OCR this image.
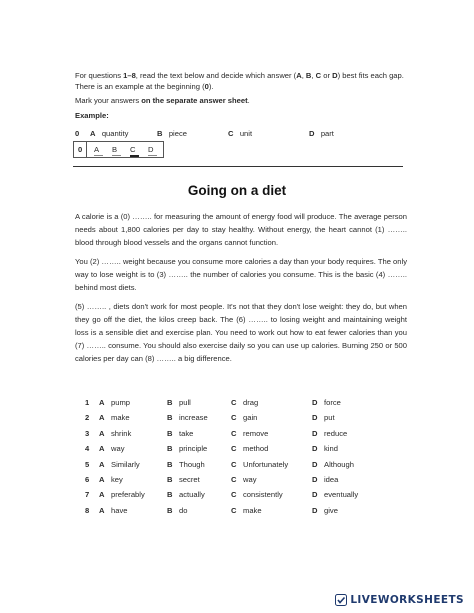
For questions 1–8, read the text below and decide which answer (A, B, C or D) best fits each gap. There is an example at the beginning (0).
Mark your answers on the separate answer sheet.
Example:
0 A quantity	B piece	C unit	D part
0 A	B	C	D
Going on a diet
A calorie is a (0) …….. for measuring the amount of energy food will produce. The average person needs about 1,800 calories per day to stay healthy. Without energy, the heart cannot (1) …….. blood through blood vessels and the organs cannot function.
You (2) …….. weight because you consume more calories a day than your body requires. The only way to lose weight is to (3) …….. the number of calories you consume. This is the basic (4) …….. behind most diets.
(5) …….. , diets don't work for most people. It's not that they don't lose weight: they do, but when they go off the diet, the kilos creep back. The (6) …….. to losing weight and maintaining weight loss is a sensible diet and exercise plan. You need to work out how to eat fewer calories than you (7) …….. consume. You should also exercise daily so you can use up calories. Burning 250 or 500 calories per day can (8) …….. a big difference.
1 A pump	B pull	C drag	D force
2 A make	B increase	C gain	D put
3 A shrink	B take	C remove	D reduce
4 A way	B principle	C method	D kind
5 A Similarly	B Though	C Unfortunately	D Although
6 A key	B secret	C way	D idea
7 A preferably	B actually	C consistently	D eventually
8 A have	B do	C make	D give
LIVEWORKSHEETS
